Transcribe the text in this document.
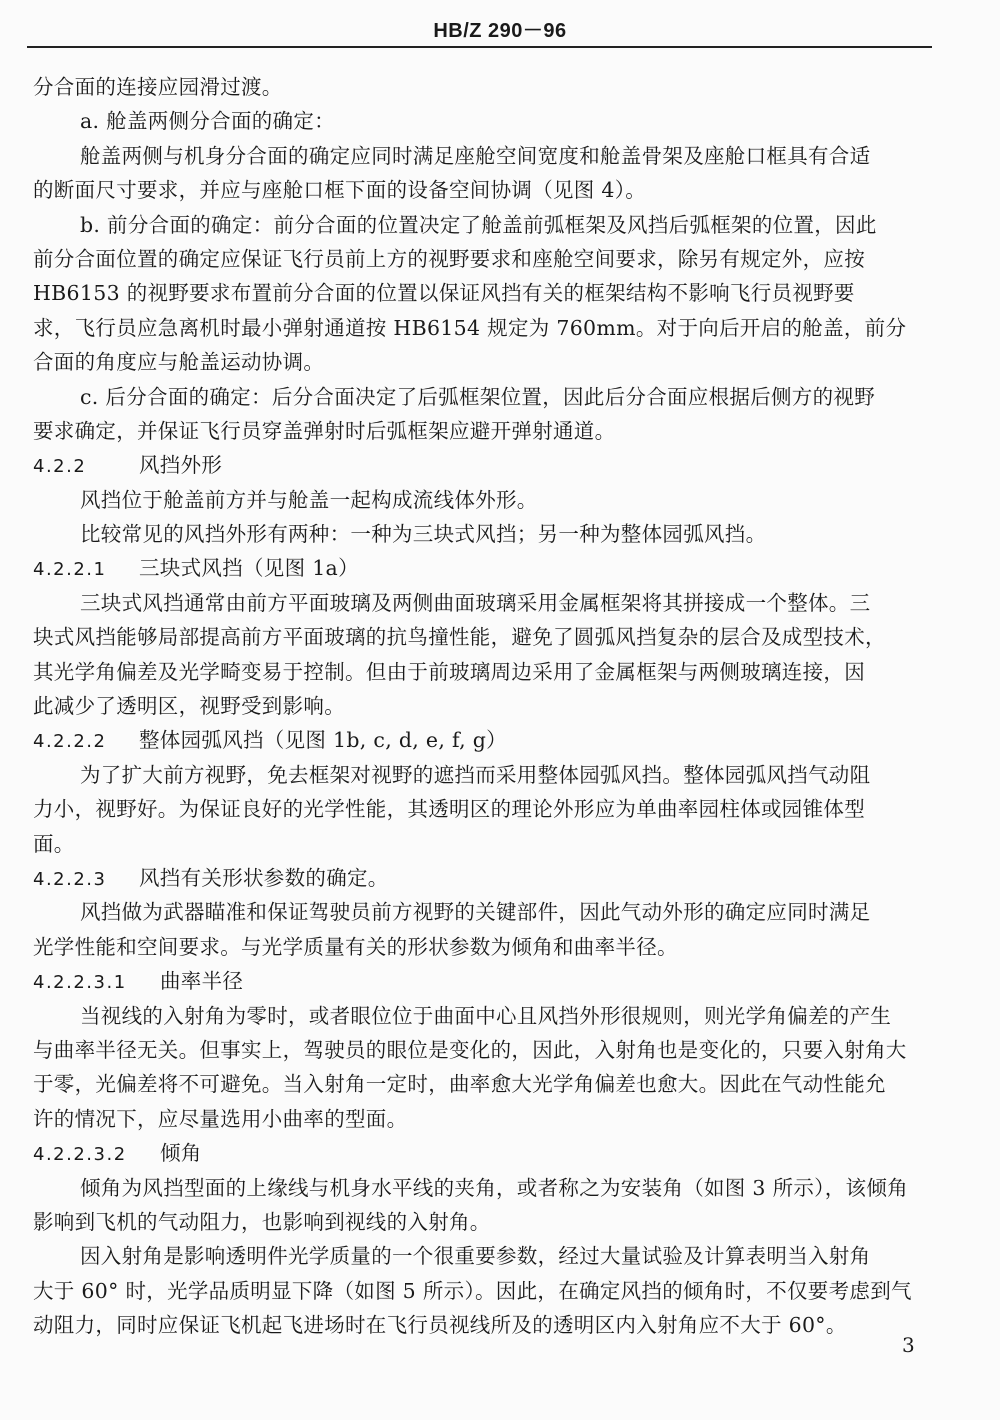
HB/Z 290－96
分合面的连接应园滑过渡。
a. 舱盖两侧分合面的确定：
舱盖两侧与机身分合面的确定应同时满足座舱空间宽度和舱盖骨架及座舱口框具有合适
的断面尺寸要求，并应与座舱口框下面的设备空间协调（见图 4）。
b. 前分合面的确定：前分合面的位置决定了舱盖前弧框架及风挡后弧框架的位置，因此
前分合面位置的确定应保证飞行员前上方的视野要求和座舱空间要求，除另有规定外，应按
HB6153 的视野要求布置前分合面的位置以保证风挡有关的框架结构不影响飞行员视野要
求，飞行员应急离机时最小弹射通道按 HB6154 规定为 760mm。对于向后开启的舱盖，前分
合面的角度应与舱盖运动协调。
c. 后分合面的确定：后分合面决定了后弧框架位置，因此后分合面应根据后侧方的视野
要求确定，并保证飞行员穿盖弹射时后弧框架应避开弹射通道。
4.2.2	风挡外形
风挡位于舱盖前方并与舱盖一起构成流线体外形。
比较常见的风挡外形有两种：一种为三块式风挡；另一种为整体园弧风挡。
4.2.2.1 三块式风挡（见图 1a）
三块式风挡通常由前方平面玻璃及两侧曲面玻璃采用金属框架将其拼接成一个整体。三
块式风挡能够局部提高前方平面玻璃的抗鸟撞性能，避免了圆弧风挡复杂的层合及成型技术，
其光学角偏差及光学畸变易于控制。但由于前玻璃周边采用了金属框架与两侧玻璃连接，因
此减少了透明区，视野受到影响。
4.2.2.2 整体园弧风挡（见图 1b, c, d, e, f, g）
为了扩大前方视野，免去框架对视野的遮挡而采用整体园弧风挡。整体园弧风挡气动阻
力小，视野好。为保证良好的光学性能，其透明区的理论外形应为单曲率园柱体或园锥体型
面。
4.2.2.3 风挡有关形状参数的确定。
风挡做为武器瞄准和保证驾驶员前方视野的关键部件，因此气动外形的确定应同时满足
光学性能和空间要求。与光学质量有关的形状参数为倾角和曲率半径。
4.2.2.3.1 曲率半径
当视线的入射角为零时，或者眼位位于曲面中心且风挡外形很规则，则光学角偏差的产生
与曲率半径无关。但事实上，驾驶员的眼位是变化的，因此，入射角也是变化的，只要入射角大
于零，光偏差将不可避免。当入射角一定时，曲率愈大光学角偏差也愈大。因此在气动性能允
许的情况下，应尽量选用小曲率的型面。
4.2.2.3.2 倾角
倾角为风挡型面的上缘线与机身水平线的夹角，或者称之为安装角（如图 3 所示），该倾角
影响到飞机的气动阻力，也影响到视线的入射角。
因入射角是影响透明件光学质量的一个很重要参数，经过大量试验及计算表明当入射角
大于 60° 时，光学品质明显下降（如图 5 所示）。因此，在确定风挡的倾角时，不仅要考虑到气
动阻力，同时应保证飞机起飞进场时在飞行员视线所及的透明区内入射角应不大于 60°。
3
